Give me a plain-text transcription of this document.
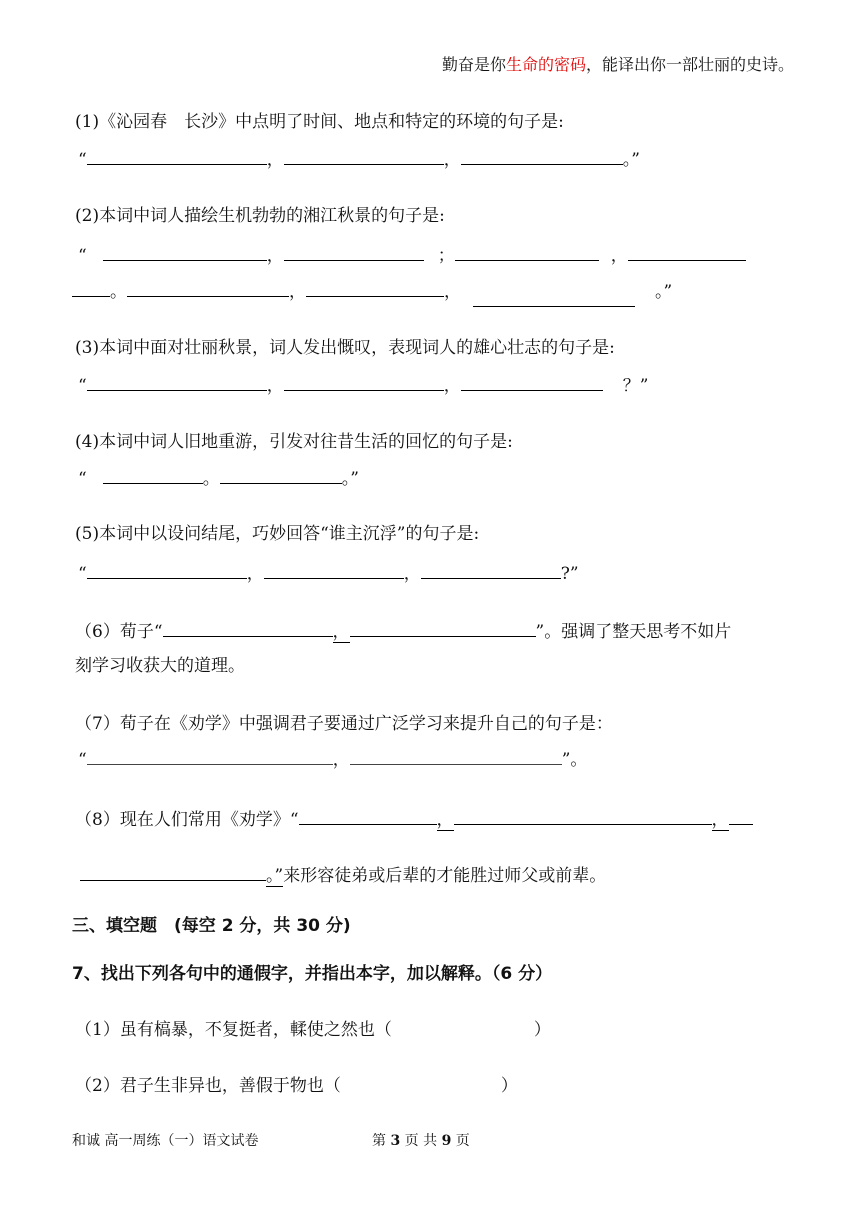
勤奋是你生命的密码，能译出你一部壮丽的史诗。
(1)《沁园春　长沙》中点明了时间、地点和特定的环境的句子是:
“	，	，	。”
(2)本词中词人描绘生机勃勃的湘江秋景的句子是:
“	，	；	，
。	，	，	。”
(3)本词中面对壮丽秋景，词人发出慨叹，表现词人的雄心壮志的句子是:
“	，	，	？”
(4)本词中词人旧地重游，引发对往昔生活的回忆的句子是:
“	。	。”
(5)本词中以设问结尾，巧妙回答“谁主沉浮”的句子是:
“	，	，	?”
（6）荀子“	，	”。强调了整天思考不如片
刻学习收获大的道理。
（7）荀子在《劝学》中强调君子要通过广泛学习来提升自己的句子是：
“	，	”。
（8）现在人们常用《劝学》“	，	，
。”来形容徒弟或后辈的才能胜过师父或前辈。
三、填空题　(每空 2 分，共 30 分)
7、找出下列各句中的通假字，并指出本字，加以解释。（6 分）
（1）虽有槁暴，不复挺者，輮使之然也（	）
（2）君子生非异也，善假于物也（	）
和诚 高一周练（一）语文试卷	第 3 页 共 9 页
